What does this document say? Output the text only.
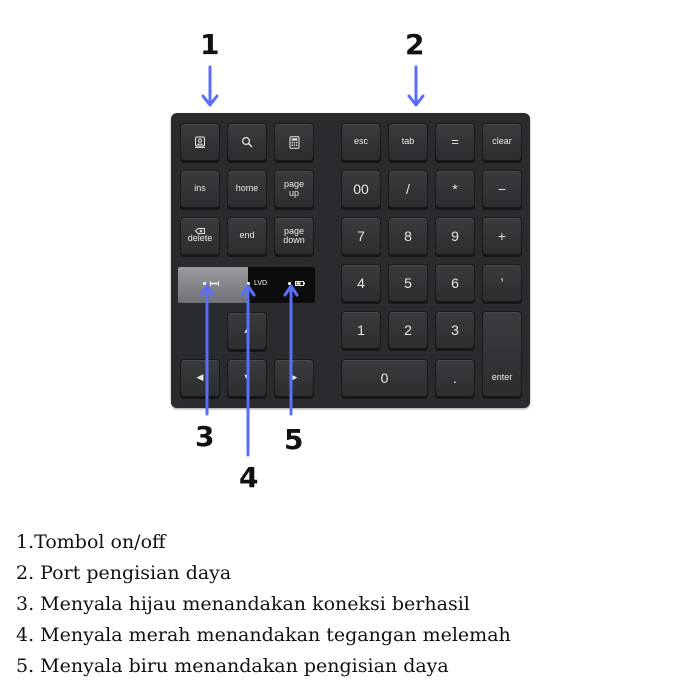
1	2
3
4
5
ins	home	page up
delete	end	page down
LVD
▲
◀	▼	▶
esc	tab	=	clear
00	/	*	−
7	8	9	+
4	5	6	’
1	2	3
0	.	enter
1.Tombol on/off
2. Port pengisian daya
3. Menyala hijau menandakan koneksi berhasil
4. Menyala merah menandakan tegangan melemah
5. Menyala biru menandakan pengisian daya
